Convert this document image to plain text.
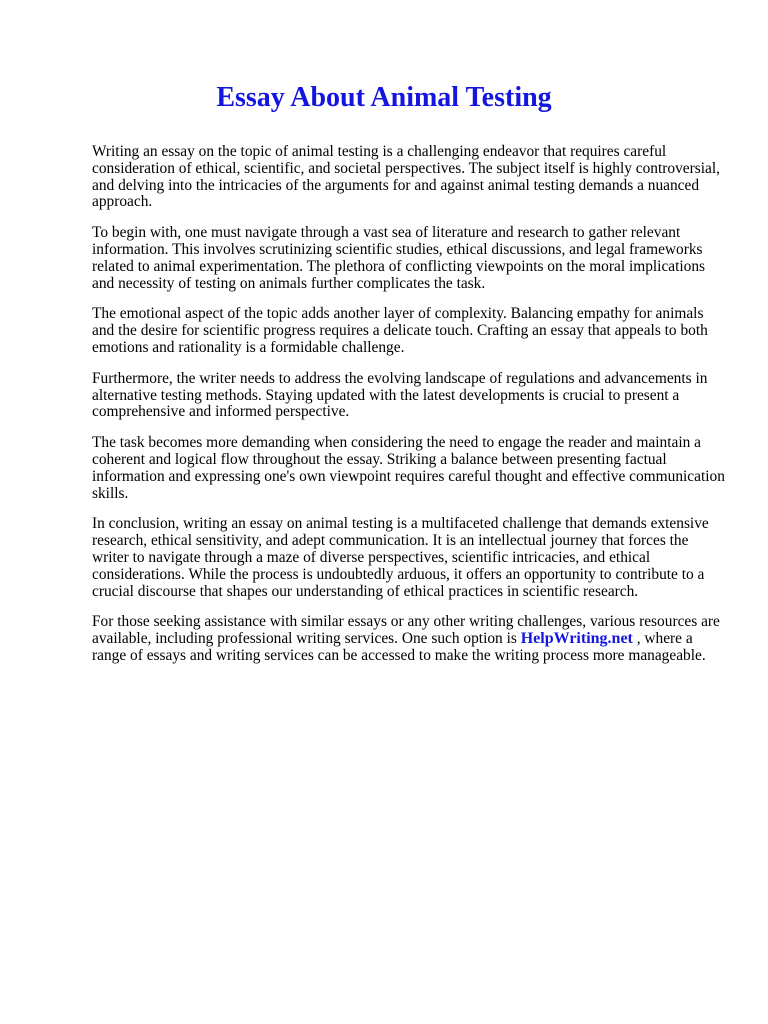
Essay About Animal Testing

Writing an essay on the topic of animal testing is a challenging endeavor that requires careful consideration of ethical, scientific, and societal perspectives. The subject itself is highly controversial, and delving into the intricacies of the arguments for and against animal testing demands a nuanced approach.

To begin with, one must navigate through a vast sea of literature and research to gather relevant information. This involves scrutinizing scientific studies, ethical discussions, and legal frameworks related to animal experimentation. The plethora of conflicting viewpoints on the moral implications and necessity of testing on animals further complicates the task.

The emotional aspect of the topic adds another layer of complexity. Balancing empathy for animals and the desire for scientific progress requires a delicate touch. Crafting an essay that appeals to both emotions and rationality is a formidable challenge.

Furthermore, the writer needs to address the evolving landscape of regulations and advancements in alternative testing methods. Staying updated with the latest developments is crucial to present a comprehensive and informed perspective.

The task becomes more demanding when considering the need to engage the reader and maintain a coherent and logical flow throughout the essay. Striking a balance between presenting factual information and expressing one's own viewpoint requires careful thought and effective communication skills.

In conclusion, writing an essay on animal testing is a multifaceted challenge that demands extensive research, ethical sensitivity, and adept communication. It is an intellectual journey that forces the writer to navigate through a maze of diverse perspectives, scientific intricacies, and ethical considerations. While the process is undoubtedly arduous, it offers an opportunity to contribute to a crucial discourse that shapes our understanding of ethical practices in scientific research.

For those seeking assistance with similar essays or any other writing challenges, various resources are available, including professional writing services. One such option is HelpWriting.net , where a range of essays and writing services can be accessed to make the writing process more manageable.
